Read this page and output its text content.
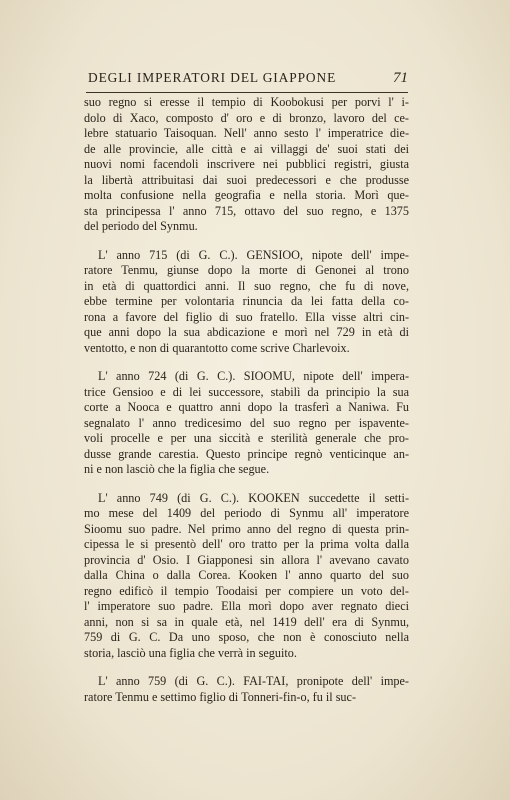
DEGLI IMPERATORI DEL GIAPPONE	71

suo regno si eresse il tempio di Koobokusi per porvi l' i-
dolo di Xaco, composto d' oro e di bronzo, lavoro del ce-
lebre statuario Taisoquan. Nell' anno sesto l' imperatrice die-
de alle provincie, alle città e ai villaggi de' suoi stati dei
nuovi nomi facendoli inscrivere nei pubblici registri, giusta
la libertà attribuitasi dai suoi predecessori e che produsse
molta confusione nella geografia e nella storia. Morì que-
sta principessa l' anno 715, ottavo del suo regno, e 1375
del periodo del Synmu.

L' anno 715 (di G. C.). GENSIOO, nipote dell' impe-
ratore Tenmu, giunse dopo la morte di Genonei al trono
in età di quattordici anni. Il suo regno, che fu di nove,
ebbe termine per volontaria rinuncia da lei fatta della co-
rona a favore del figlio di suo fratello. Ella visse altri cin-
que anni dopo la sua abdicazione e morì nel 729 in età di
ventotto, e non di quarantotto come scrive Charlevoix.

L' anno 724 (di G. C.). SIOOMU, nipote dell' impera-
trice Gensioo e di lei successore, stabilì da principio la sua
corte a Nooca e quattro anni dopo la trasferì a Naniwa. Fu
segnalato l' anno tredicesimo del suo regno per ispavente-
voli procelle e per una siccità e sterilità generale che pro-
dusse grande carestia. Questo principe regnò venticinque an-
ni e non lasciò che la figlia che segue.

L' anno 749 (di G. C.). KOOKEN succedette il setti-
mo mese del 1409 del periodo di Synmu all' imperatore
Sioomu suo padre. Nel primo anno del regno di questa prin-
cipessa le si presentò dell' oro tratto per la prima volta dalla
provincia d' Osio. I Giapponesi sin allora l' avevano cavato
dalla China o dalla Corea. Kooken l' anno quarto del suo
regno edificò il tempio Toodaisi per compiere un voto del-
l' imperatore suo padre. Ella morì dopo aver regnato dieci
anni, non si sa in quale età, nel 1419 dell' era di Synmu,
759 di G. C. Da uno sposo, che non è conosciuto nella
storia, lasciò una figlia che verrà in seguito.

L' anno 759 (di G. C.). FAI-TAI, pronipote dell' impe-
ratore Tenmu e settimo figlio di Tonneri-fin-o, fu il suc-
